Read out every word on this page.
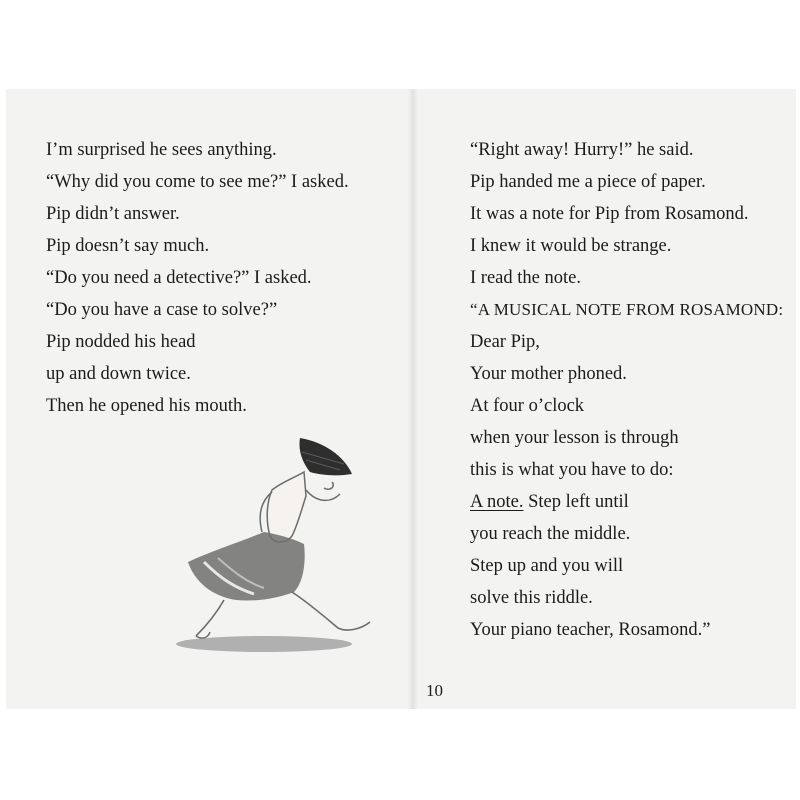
I’m surprised he sees anything.
“Why did you come to see me?” I asked.
Pip didn’t answer.
Pip doesn’t say much.
“Do you need a detective?” I asked.
“Do you have a case to solve?”
Pip nodded his head
up and down twice.
Then he opened his mouth.
“Right away! Hurry!” he said.
Pip handed me a piece of paper.
It was a note for Pip from Rosamond.
I knew it would be strange.
I read the note.
“A MUSICAL NOTE FROM ROSAMOND:
Dear Pip,
Your mother phoned.
At four o’clock
when your lesson is through
this is what you have to do:
A note. Step left until
you reach the middle.
Step up and you will
solve this riddle.
Your piano teacher, Rosamond.”
10
